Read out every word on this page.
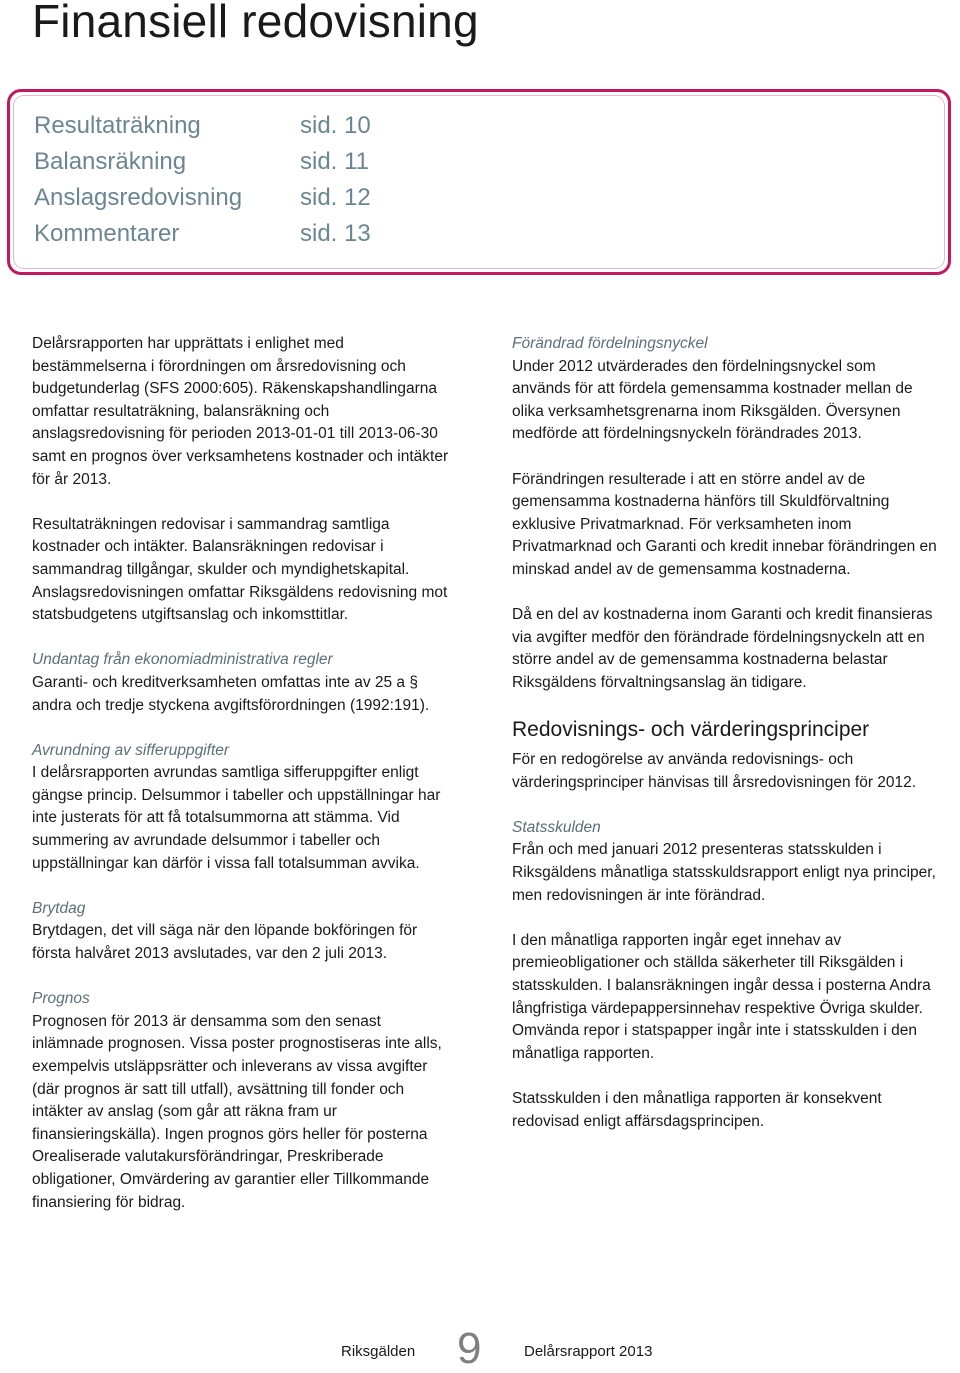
Finansiell redovisning
Resultaträkning	sid. 10
Balansräkning	sid. 11
Anslagsredovisning sid. 12
Kommentarer	sid. 13

Delårsrapporten har upprättats i enlighet med bestämmelserna i förordningen om årsredovisning och budgetunderlag (SFS 2000:605). Räkenskapshandlingarna omfattar resultaträkning, balansräkning och anslagsredovisning för perioden 2013-01-01 till 2013-06-30 samt en prognos över verksamhetens kostnader och intäkter för år 2013.

Resultaträkningen redovisar i sammandrag samtliga kostnader och intäkter. Balansräkningen redovisar i sammandrag tillgångar, skulder och myndighetskapital. Anslagsredovisningen omfattar Riksgäldens redovisning mot statsbudgetens utgiftsanslag och inkomsttitlar.

Undantag från ekonomiadministrativa regler
Garanti- och kreditverksamheten omfattas inte av 25 a § andra och tredje styckena avgiftsförordningen (1992:191).

Avrundning av sifferuppgifter
I delårsrapporten avrundas samtliga sifferuppgifter enligt gängse princip. Delsummor i tabeller och uppställningar har inte justerats för att få totalsummorna att stämma. Vid summering av avrundade delsummor i tabeller och uppställningar kan därför i vissa fall totalsumman avvika.

Brytdag
Brytdagen, det vill säga när den löpande bokföringen för första halvåret 2013 avslutades, var den 2 juli 2013.

Prognos
Prognosen för 2013 är densamma som den senast inlämnade prognosen. Vissa poster prognostiseras inte alls, exempelvis utsläppsrätter och inleverans av vissa avgifter (där prognos är satt till utfall), avsättning till fonder och intäkter av anslag (som går att räkna fram ur finansieringskälla). Ingen prognos görs heller för posterna Orealiserade valutakursförändringar, Preskriberade obligationer, Omvärdering av garantier eller Tillkommande finansiering för bidrag.

Förändrad fördelningsnyckel
Under 2012 utvärderades den fördelningsnyckel som används för att fördela gemensamma kostnader mellan de olika verksamhetsgrenarna inom Riksgälden. Översynen medförde att fördelningsnyckeln förändrades 2013.

Förändringen resulterade i att en större andel av de gemensamma kostnaderna hänförs till Skuldförvaltning exklusive Privatmarknad. För verksamheten inom Privatmarknad och Garanti och kredit innebar förändringen en minskad andel av de gemensamma kostnaderna.

Då en del av kostnaderna inom Garanti och kredit finansieras via avgifter medför den förändrade fördelningsnyckeln att en större andel av de gemensamma kostnaderna belastar Riksgäldens förvaltningsanslag än tidigare.

Redovisnings- och värderingsprinciper

För en redogörelse av använda redovisnings- och värderingsprinciper hänvisas till årsredovisningen för 2012.

Statsskulden
Från och med januari 2012 presenteras statsskulden i Riksgäldens månatliga statsskuldsrapport enligt nya principer, men redovisningen är inte förändrad.

I den månatliga rapporten ingår eget innehav av premieobligationer och ställda säkerheter till Riksgälden i statsskulden. I balansräkningen ingår dessa i posterna Andra långfristiga värdepappersinnehav respektive Övriga skulder. Omvända repor i statspapper ingår inte i statsskulden i den månatliga rapporten.

Statsskulden i den månatliga rapporten är konsekvent redovisad enligt affärsdagsprincipen.

Riksgälden 9	Delårsrapport 2013
